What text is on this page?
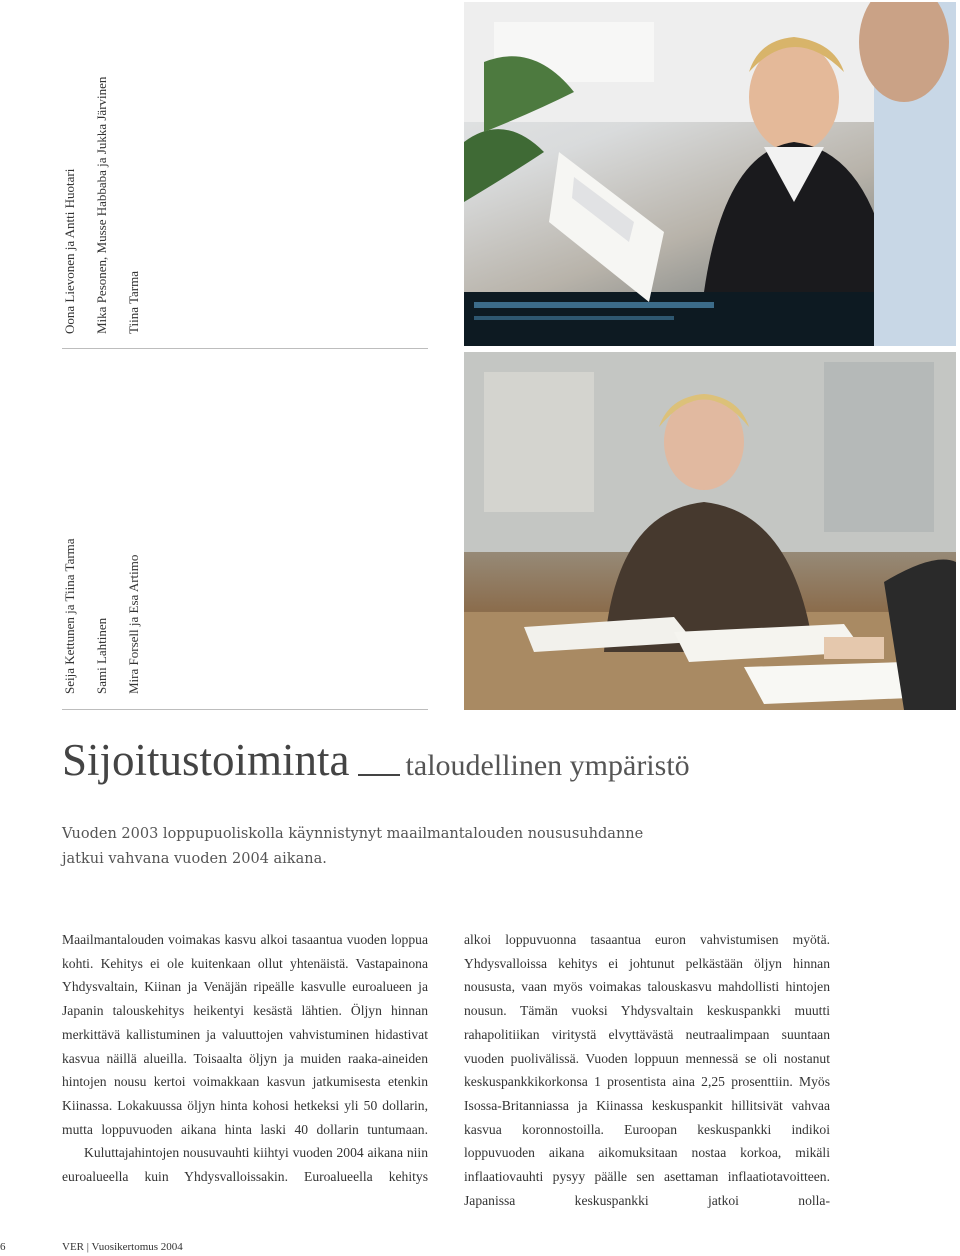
Oona Lievonen ja Antti Huotari Mika Pesonen, Musse Habbaba ja Jukka Järvinen Tiina Tarma
Seija Kettunen ja Tiina Tarma Sami Lahtinen Mira Forsell ja Esa Artimo
Sijoitustoiminta taloudellinen ympäristö
Vuoden 2003 loppupuoliskolla käynnistynyt maailmantalouden noususuhdanne
jatkui vahvana vuoden 2004 aikana.

Maailmantalouden voimakas kasvu alkoi tasaantua vuoden loppua kohti. Kehitys ei ole kuitenkaan ollut yhtenäistä. Vastapainona Yhdysvaltain, Kiinan ja Venäjän ripeälle kasvulle euroalueen ja Japanin talouskehitys heikentyi kesästä lähtien. Öljyn hinnan merkittävä kallistuminen ja valuuttojen vahvistuminen hidastivat kasvua näillä alueilla. Toisaalta öljyn ja muiden raaka-aineiden hintojen nousu kertoi voimakkaan kasvun jatkumisesta etenkin Kiinassa. Lokakuussa öljyn hinta kohosi hetkeksi yli 50 dollarin, mutta loppuvuoden aikana hinta laski 40 dollarin tuntumaan.

Kuluttajahintojen nousuvauhti kiihtyi vuoden 2004 aikana niin euroalueella kuin Yhdysvalloissakin. Euroalueella kehitys

alkoi loppuvuonna tasaantua euron vahvistumisen myötä. Yhdysvalloissa kehitys ei johtunut pelkästään öljyn hinnan noususta, vaan myös voimakas talouskasvu mahdollisti hintojen nousun. Tämän vuoksi Yhdysvaltain keskuspankki muutti rahapolitiikan viritystä elvyttävästä neutraalimpaan suuntaan vuoden puolivälissä. Vuoden loppuun mennessä se oli nostanut keskuspankkikorkonsa 1 prosentista aina 2,25 prosenttiin. Myös Isossa-Britanniassa ja Kiinassa keskuspankit hillitsivät vahvaa kasvua koronnostoilla. Euroopan keskuspankki indikoi loppuvuoden aikana aikomuksitaan nostaa korkoa, mikäli inflaatiovauhti pysyy päälle sen asettaman inflaatiotavoitteen. Japanissa keskuspankki jatkoi nolla-

6	VER | Vuosikertomus 2004
